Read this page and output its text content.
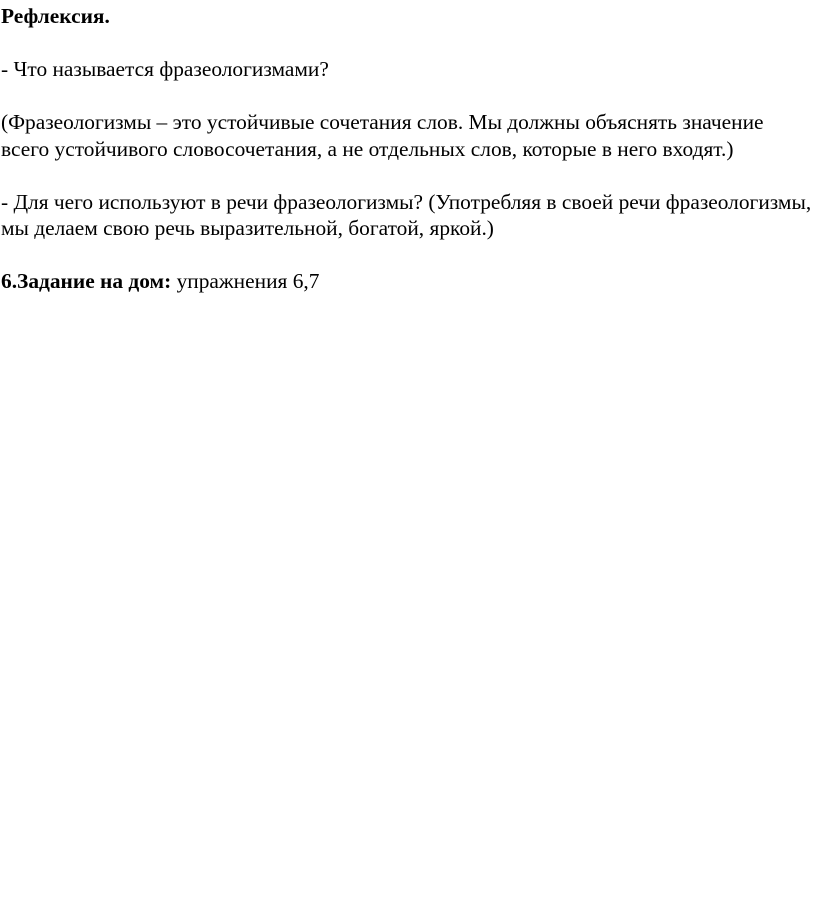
Рефлексия.

- Что называется фразеологизмами?

(Фразеологизмы – это устойчивые сочетания слов. Мы должны объяснять значение всего устойчивого словосочетания, а не отдельных слов, которые в него входят.)

- Для чего используют в речи фразеологизмы? (Употребляя в своей речи фразеологизмы, мы делаем свою речь выразительной, богатой, яркой.)

6.Задание на дом: упражнения 6,7
